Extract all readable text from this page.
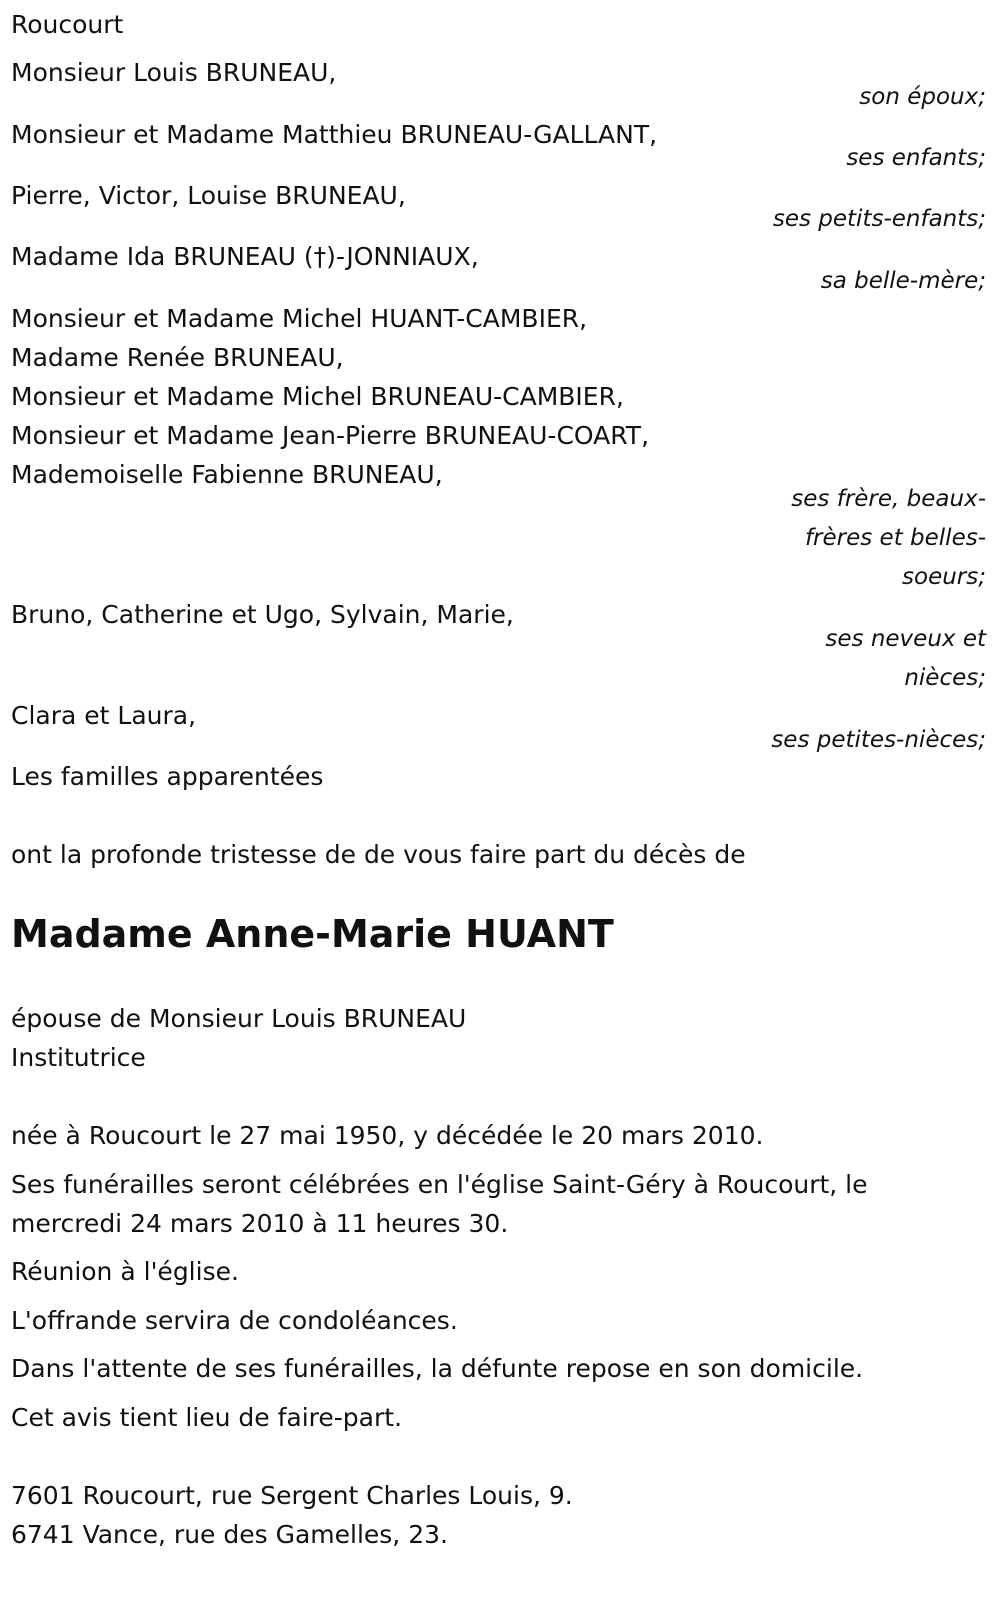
Roucourt
Monsieur Louis BRUNEAU,
son époux;
Monsieur et Madame Matthieu BRUNEAU-GALLANT,
ses enfants;
Pierre, Victor, Louise BRUNEAU,
ses petits-enfants;
Madame Ida BRUNEAU (†)-JONNIAUX,
sa belle-mère;
Monsieur et Madame Michel HUANT-CAMBIER,
Madame Renée BRUNEAU,
Monsieur et Madame Michel BRUNEAU-CAMBIER,
Monsieur et Madame Jean-Pierre BRUNEAU-COART,
Mademoiselle Fabienne BRUNEAU,
ses frère, beaux-
frères et belles-
soeurs;
Bruno, Catherine et Ugo, Sylvain, Marie,
ses neveux et
nièces;
Clara et Laura,
ses petites-nièces;
Les familles apparentées
ont la profonde tristesse de de vous faire part du décès de
Madame Anne-Marie HUANT
épouse de Monsieur Louis BRUNEAU
Institutrice
née à Roucourt le 27 mai 1950, y décédée le 20 mars 2010.
Ses funérailles seront célébrées en l'église Saint-Géry à Roucourt, le
mercredi 24 mars 2010 à 11 heures 30.
Réunion à l'église.
L'offrande servira de condoléances.
Dans l'attente de ses funérailles, la défunte repose en son domicile.
Cet avis tient lieu de faire-part.
7601 Roucourt, rue Sergent Charles Louis, 9.
6741 Vance, rue des Gamelles, 23.
